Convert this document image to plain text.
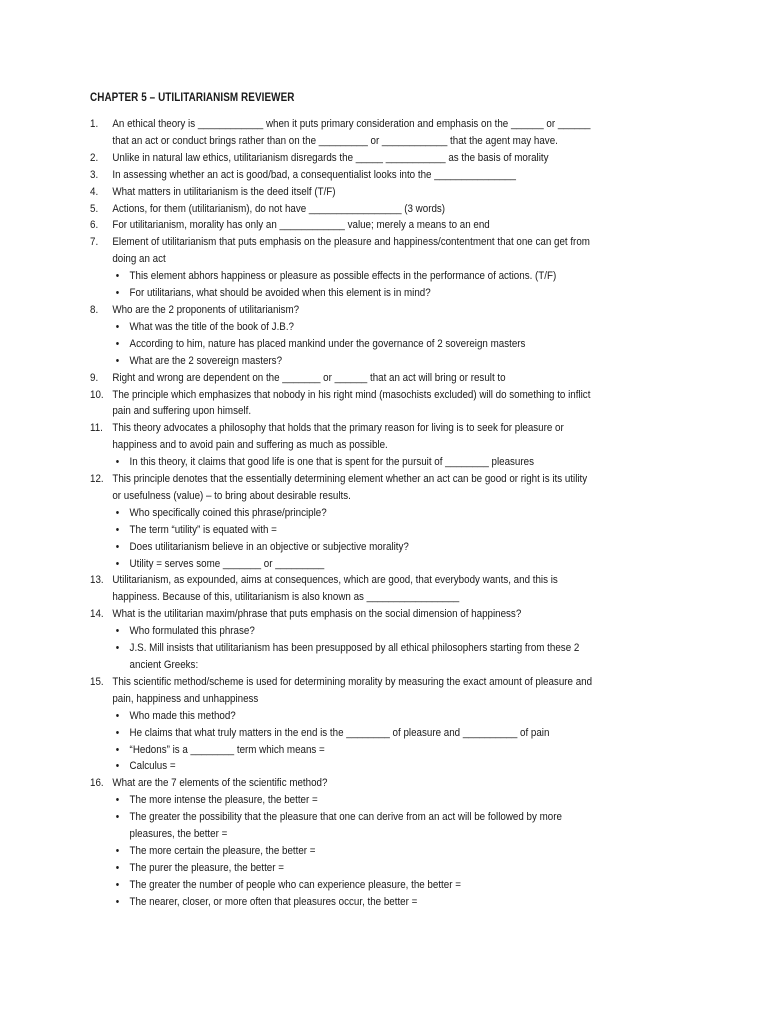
CHAPTER 5 – UTILITARIANISM REVIEWER
1.	An ethical theory is ____________ when it puts primary consideration and emphasis on the ______ or ______
that an act or conduct brings rather than on the _________ or ____________ that the agent may have.
2.	Unlike in natural law ethics, utilitarianism disregards the _____ ___________ as the basis of morality
3.	In assessing whether an act is good/bad, a consequentialist looks into the _______________
4.	What matters in utilitarianism is the deed itself (T/F)
5.	Actions, for them (utilitarianism), do not have _________________ (3 words)
6.	For utilitarianism, morality has only an ____________ value; merely a means to an end
7.	Element of utilitarianism that puts emphasis on the pleasure and happiness/contentment that one can get from
doing an act
• This element abhors happiness or pleasure as possible effects in the performance of actions. (T/F)
• For utilitarians, what should be avoided when this element is in mind?
8.	Who are the 2 proponents of utilitarianism?
• What was the title of the book of J.B.?
• According to him, nature has placed mankind under the governance of 2 sovereign masters
• What are the 2 sovereign masters?
9.	Right and wrong are dependent on the _______ or ______ that an act will bring or result to
10. The principle which emphasizes that nobody in his right mind (masochists excluded) will do something to inflict
pain and suffering upon himself.
11. This theory advocates a philosophy that holds that the primary reason for living is to seek for pleasure or
happiness and to avoid pain and suffering as much as possible.
• In this theory, it claims that good life is one that is spent for the pursuit of ________ pleasures
12. This principle denotes that the essentially determining element whether an act can be good or right is its utility
or usefulness (value) – to bring about desirable results.
• Who specifically coined this phrase/principle?
• The term “utility” is equated with =
• Does utilitarianism believe in an objective or subjective morality?
• Utility = serves some _______ or _________
13. Utilitarianism, as expounded, aims at consequences, which are good, that everybody wants, and this is
happiness. Because of this, utilitarianism is also known as _________________
14. What is the utilitarian maxim/phrase that puts emphasis on the social dimension of happiness?
• Who formulated this phrase?
• J.S. Mill insists that utilitarianism has been presupposed by all ethical philosophers starting from these 2
ancient Greeks:
15. This scientific method/scheme is used for determining morality by measuring the exact amount of pleasure and
pain, happiness and unhappiness
• Who made this method?
• He claims that what truly matters in the end is the ________ of pleasure and __________ of pain
• “Hedons” is a ________ term which means =
• Calculus =
16. What are the 7 elements of the scientific method?
• The more intense the pleasure, the better =
• The greater the possibility that the pleasure that one can derive from an act will be followed by more
pleasures, the better =
• The more certain the pleasure, the better =
• The purer the pleasure, the better =
• The greater the number of people who can experience pleasure, the better =
• The nearer, closer, or more often that pleasures occur, the better =
